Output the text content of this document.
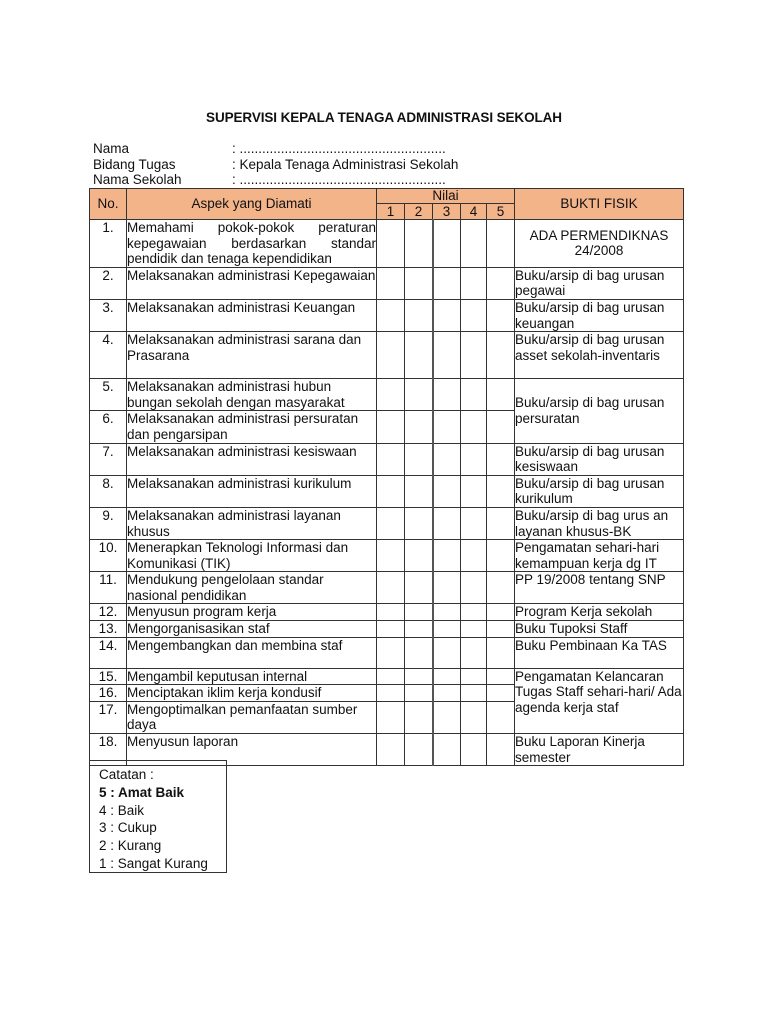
SUPERVISI KEPALA TENAGA ADMINISTRASI SEKOLAH
Nama	: .......................................................
Bidang Tugas	: Kepala Tenaga Administrasi Sekolah
Nama Sekolah	: .......................................................
No.	Aspek yang Diamati	Nilai					BUKTI FISIK
		1	2	3	4	5	
1.	Memahami pokok-pokok peraturan kepegawaian berdasarkan standar pendidik dan tenaga kependidikan						ADA PERMENDIKNAS 24/2008
2.	Melaksanakan administrasi Kepegawaian						Buku/arsip di bag urusan pegawai
3.	Melaksanakan administrasi Keuangan						Buku/arsip di bag urusan keuangan
4.	Melaksanakan administrasi sarana dan Prasarana						Buku/arsip di bag urusan asset sekolah-inventaris
5.	Melaksanakan administrasi hubun bungan sekolah dengan masyarakat						Buku/arsip di bag urusan persuratan
6.	Melaksanakan administrasi persuratan dan pengarsipan						
7.	Melaksanakan administrasi kesiswaan						Buku/arsip di bag urusan kesiswaan
8.	Melaksanakan administrasi kurikulum						Buku/arsip di bag urusan kurikulum
9.	Melaksanakan administrasi layanan khusus						Buku/arsip di bag urus an layanan khusus-BK
10.	Menerapkan Teknologi Informasi dan Komunikasi (TIK)						Pengamatan sehari-hari kemampuan kerja dg IT
11.	Mendukung pengelolaan standar nasional pendidikan						PP 19/2008 tentang SNP
12.	Menyusun program kerja						Program Kerja sekolah
13.	Mengorganisasikan staf						Buku Tupoksi Staff
14.	Mengembangkan dan membina staf						Buku Pembinaan Ka TAS
15.	Mengambil keputusan internal						Pengamatan Kelancaran Tugas Staff sehari-hari/ Ada agenda kerja staf
16.	Menciptakan iklim kerja kondusif						
17.	Mengoptimalkan pemanfaatan sumber daya						
18.	Menyusun laporan						Buku Laporan Kinerja semester
Catatan :
5 : Amat Baik
4 : Baik
3 : Cukup
2 : Kurang
1 : Sangat Kurang
